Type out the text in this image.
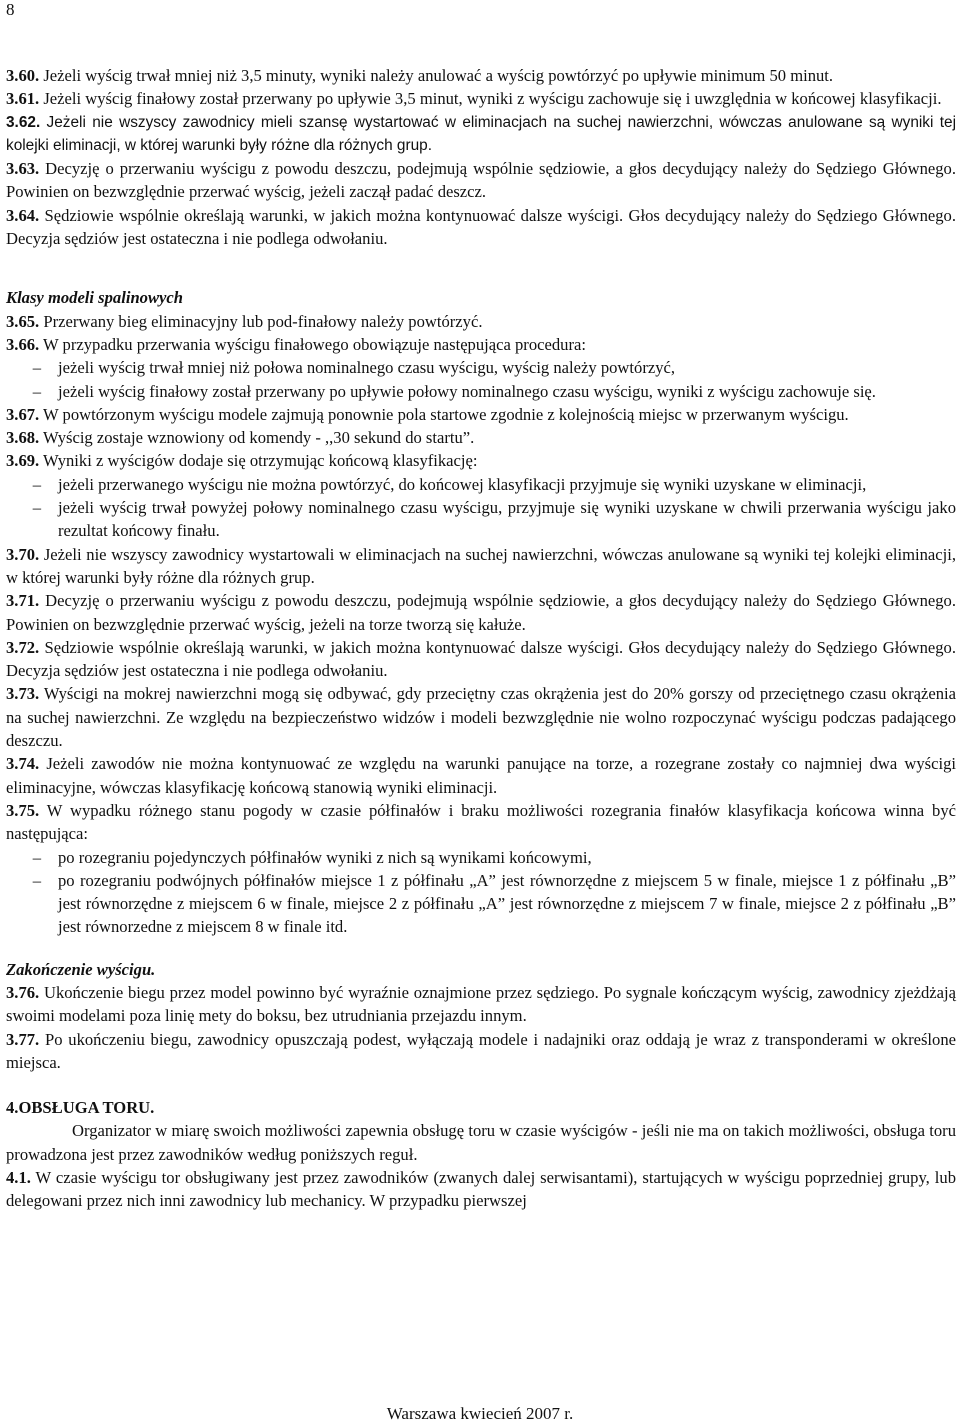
8

3.60. Jeżeli wyścig trwał mniej niż 3,5 minuty, wyniki należy anulować a wyścig powtórzyć po upływie minimum 50 minut.

3.61. Jeżeli wyścig finałowy został przerwany po upływie 3,5 minut, wyniki z wyścigu zachowuje się i uwzględnia w końcowej klasyfikacji.

3.62. Jeżeli nie wszyscy zawodnicy mieli szansę wystartować w eliminacjach na suchej nawierzchni, wówczas anulowane są wyniki tej kolejki eliminacji, w której warunki były różne dla różnych grup.

3.63. Decyzję o przerwaniu wyścigu z powodu deszczu, podejmują wspólnie sędziowie, a głos decydujący należy do Sędziego Głównego. Powinien on bezwzględnie przerwać wyścig, jeżeli zaczął padać deszcz.

3.64. Sędziowie wspólnie określają warunki, w jakich można kontynuować dalsze wyścigi. Głos decydujący należy do Sędziego Głównego. Decyzja sędziów jest ostateczna i nie podlega odwołaniu.

Klasy modeli spalinowych

3.65. Przerwany bieg eliminacyjny lub pod-finałowy należy powtórzyć.

3.66. W przypadku przerwania wyścigu finałowego obowiązuje następująca procedura:

–	jeżeli wyścig trwał mniej niż połowa nominalnego czasu wyścigu, wyścig należy powtórzyć,
–	jeżeli wyścig finałowy został przerwany po upływie połowy nominalnego czasu wyścigu, wyniki z wyścigu zachowuje się.

3.67. W powtórzonym wyścigu modele zajmują ponownie pola startowe zgodnie z kolejnością miejsc w przerwanym wyścigu.

3.68. Wyścig zostaje wznowiony od komendy - ,,30 sekund do startu”.

3.69. Wyniki z wyścigów dodaje się otrzymując końcową klasyfikację:

–	jeżeli przerwanego wyścigu nie można powtórzyć, do końcowej klasyfikacji przyjmuje się wyniki uzyskane w eliminacji,
–	jeżeli wyścig trwał powyżej połowy nominalnego czasu wyścigu, przyjmuje się wyniki uzyskane w chwili przerwania wyścigu jako rezultat końcowy finału.

3.70. Jeżeli nie wszyscy zawodnicy wystartowali w eliminacjach na suchej nawierzchni, wówczas anulowane są wyniki tej kolejki eliminacji, w której warunki były różne dla różnych grup.

3.71. Decyzję o przerwaniu wyścigu z powodu deszczu, podejmują wspólnie sędziowie, a głos decydujący należy do Sędziego Głównego. Powinien on bezwzględnie przerwać wyścig, jeżeli na torze tworzą się kałuże.

3.72. Sędziowie wspólnie określają warunki, w jakich można kontynuować dalsze wyścigi. Głos decydujący należy do Sędziego Głównego. Decyzja sędziów jest ostateczna i nie podlega odwołaniu.

3.73. Wyścigi na mokrej nawierzchni mogą się odbywać, gdy przeciętny czas okrążenia jest do 20% gorszy od przeciętnego czasu okrążenia na suchej nawierzchni. Ze względu na bezpieczeństwo widzów i modeli bezwzględnie nie wolno rozpoczynać wyścigu podczas padającego deszczu.

3.74. Jeżeli zawodów nie można kontynuować ze względu na warunki panujące na torze, a rozegrane zostały co najmniej dwa wyścigi eliminacyjne, wówczas klasyfikację końcową stanowią wyniki eliminacji.

3.75. W wypadku różnego stanu pogody w czasie półfinałów i braku możliwości rozegrania finałów klasyfikacja końcowa winna być następująca:

–	po rozegraniu pojedynczych półfinałów wyniki z nich są wynikami końcowymi,
–	po rozegraniu podwójnych półfinałów miejsce 1 z półfinału „A” jest równorzędne z miejscem 5 w finale, miejsce 1 z półfinału „B” jest równorzędne z miejscem 6 w finale, miejsce 2 z półfinału „A” jest równorzędne z miejscem 7 w finale, miejsce 2 z półfinału „B” jest równorzedne z miejscem 8 w finale itd.

Zakończenie wyścigu.

3.76. Ukończenie biegu przez model powinno być wyraźnie oznajmione przez sędziego. Po sygnale kończącym wyścig, zawodnicy zjeżdżają swoimi modelami poza linię mety do boksu, bez utrudniania przejazdu innym.

3.77. Po ukończeniu biegu, zawodnicy opuszczają podest, wyłączają modele i nadajniki oraz oddają je wraz z transponderami w określone miejsca.

4.OBSŁUGA TORU.

Organizator w miarę swoich możliwości zapewnia obsługę toru w czasie wyścigów - jeśli nie ma on takich możliwości, obsługa toru prowadzona jest przez zawodników według poniższych reguł.

4.1. W czasie wyścigu tor obsługiwany jest przez zawodników (zwanych dalej serwisantami), startujących w wyścigu poprzedniej grupy, lub delegowani przez nich inni zawodnicy lub mechanicy. W przypadku pierwszej

Warszawa kwiecień 2007 r.
